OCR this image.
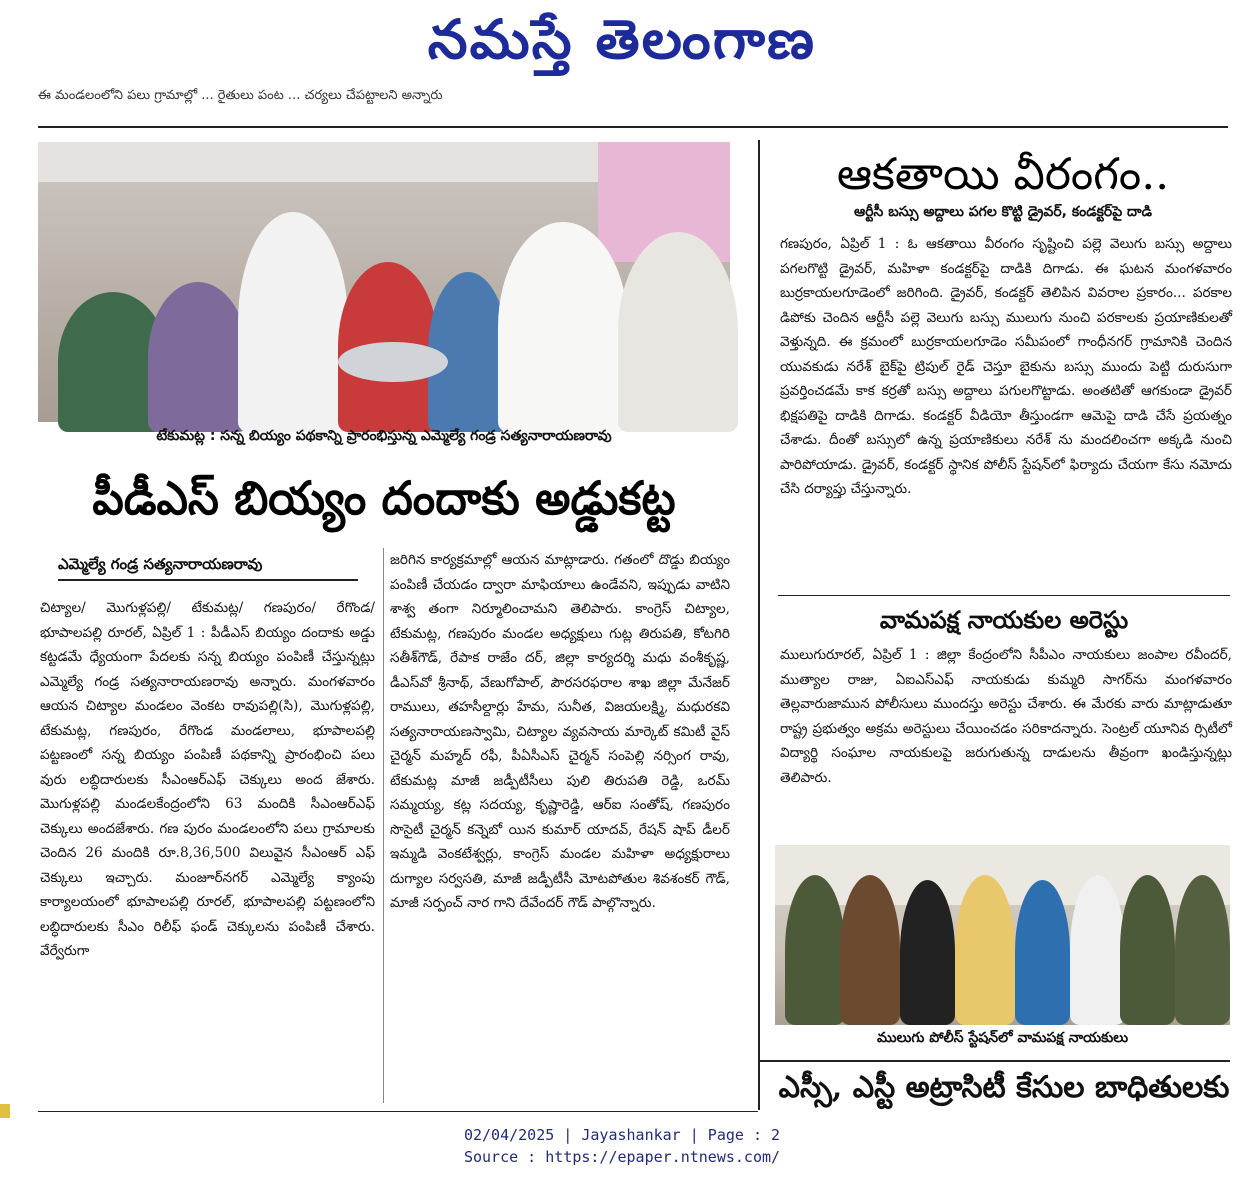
నమస్తే తెలంగాణ
ఈ మండలంలోని పలు గ్రామాల్లో ... రైతులు పంట ... చర్యలు చేపట్టాలని అన్నారు
టేకుమట్ల : సన్న బియ్యం పథకాన్ని ప్రారంభిస్తున్న ఎమ్మెల్యే గండ్ర సత్యనారాయణరావు
పీడీఎస్ బియ్యం దందాకు అడ్డుకట్ట
ఎమ్మెల్యే గండ్ర సత్యనారాయణరావు
చిట్యాల/ మొగుళ్లపల్లి/ టేకుమట్ల/ గణపురం/ రేగొండ/ భూపాలపల్లి రూరల్, ఏప్రిల్ 1 : పీడీఎస్ బియ్యం దందాకు అడ్డు కట్టడమే ధ్యేయంగా పేదలకు సన్న బియ్యం పంపిణీ చేస్తున్నట్లు ఎమ్మెల్యే గండ్ర సత్యనారాయణరావు అన్నారు. మంగళవారం ఆయన చిట్యాల మండలం వెంకట రావుపల్లి(సి), మొగుళ్లపల్లి, టేకుమట్ల, గణపురం, రేగొండ మండలాలు, భూపాలపల్లి పట్టణంలో సన్న బియ్యం పంపిణీ పథకాన్ని ప్రారంభించి పలు వురు లబ్ధిదారులకు సీఎంఆర్ఎఫ్ చెక్కులు అంద జేశారు. మొగుళ్లపల్లి మండలకేంద్రంలోని 63 మందికి సీఎంఆర్ఎఫ్ చెక్కులు అందజేశారు. గణ పురం మండలంలోని పలు గ్రామాలకు చెందిన 26 మందికి రూ.8,36,500 విలువైన సీఎంఆర్ ఎఫ్ చెక్కులు ఇచ్చారు. మంజూర్‌నగర్ ఎమ్మెల్యే క్యాంపు కార్యాలయంలో భూపాలపల్లి రూరల్, భూపాలపల్లి పట్టణంలోని లబ్ధిదారులకు సీఎం రిలీఫ్ ఫండ్ చెక్కులను పంపిణీ చేశారు. వేర్వేరుగా
జరిగిన కార్యక్రమాల్లో ఆయన మాట్లాడారు. గతంలో దొడ్డు బియ్యం పంపిణీ చేయడం ద్వారా మాఫియాలు ఉండేవని, ఇప్పుడు వాటిని శాశ్వ తంగా నిర్మూలించామని తెలిపారు. కాంగ్రెస్ చిట్యాల, టేకుమట్ల, గణపురం మండల అధ్యక్షులు గుట్ల తిరుపతి, కోటగిరి సతీశ్‌గౌడ్, రేపాక రాజేం దర్, జిల్లా కార్యదర్శి మధు వంశీకృష్ణ, డీఎస్‌వో శ్రీనాథ్, వేణుగోపాల్, పౌరసరఫరాల శాఖ జిల్లా మేనేజర్ రాములు, తహసీల్దార్లు హేమ, సునీత, విజయలక్ష్మి, మధురకవి సత్యనారాయణస్వామి, చిట్యాల వ్యవసాయ మార్కెట్ కమిటీ వైస్ చైర్మన్ మహ్మద్ రఫీ, పీఏసీఎస్ చైర్మన్ సంపెల్లి నర్సింగ రావు, టేకుమట్ల మాజీ జడ్పీటీసీలు పులి తిరుపతి రెడ్డి, ఒరమ్ సమ్మయ్య, కట్ల సదయ్య, కృష్ణారెడ్డి, ఆర్‌ఐ సంతోష్, గణపురం సొసైటీ చైర్మన్ కన్నెబో యిన కుమార్ యాదవ్, రేషన్ షాప్ డీలర్ ఇమ్మడి వెంకటేశ్వర్లు, కాంగ్రెస్ మండల మహిళా అధ్యక్షురాలు దుగ్యాల సర్వసతి, మాజీ జడ్పీటీసీ మోటపోతుల శివశంకర్ గౌడ్, మాజీ సర్పంచ్ నార గాని దేవేందర్ గౌడ్ పాల్గొన్నారు.
ఆకతాయి వీరంగం..
ఆర్టీసీ బస్సు అద్దాలు పగల కొట్టి డ్రైవర్, కండక్టర్‌పై దాడి
గణపురం, ఏప్రిల్ 1 : ఓ ఆకతాయి వీరంగం సృష్టించి పల్లె వెలుగు బస్సు అద్దాలు పగలగొట్టి డ్రైవర్, మహిళా కండక్టర్‌పై దాడికి దిగాడు. ఈ ఘటన మంగళవారం బుర్రకాయలగూడెంలో జరిగింది. డ్రైవర్, కండక్టర్ తెలిపిన వివరాల ప్రకారం... పరకాల డిపోకు చెందిన ఆర్టీసీ పల్లె వెలుగు బస్సు ములుగు నుంచి పరకాలకు ప్రయాణికులతో వెళ్తున్నది. ఈ క్రమంలో బుర్రకాయలగూడెం సమీపంలో గాంధీనగర్ గ్రామానికి చెందిన యువకుడు నరేశ్ బైక్‌పై ట్రిపుల్ రైడ్ చెస్తూ బైకును బస్సు ముందు పెట్టి దురుసుగా ప్రవర్తించడమే కాక కర్రతో బస్సు అద్దాలు పగులగొట్టాడు. అంతటితో ఆగకుండా డ్రైవర్ భిక్షపతిపై దాడికి దిగాడు. కండక్టర్ వీడియో తీస్తుండగా ఆమెపై దాడి చేసే ప్రయత్నం చేశాడు. దీంతో బస్సులో ఉన్న ప్రయాణికులు నరేశ్ ను మందలించగా అక్కడి నుంచి పారిపోయాడు. డ్రైవర్, కండక్టర్ స్థానిక పోలీస్ స్టేషన్‌లో ఫిర్యాదు చేయగా కేసు నమోదు చేసి దర్యాప్తు చేస్తున్నారు.
వామపక్ష నాయకుల అరెస్టు
ములుగురూరల్, ఏప్రిల్ 1 : జిల్లా కేంద్రంలోని సీపీఎం నాయకులు జంపాల రవీందర్, ముత్యాల రాజు, ఏఐఎస్ఎఫ్ నాయకుడు కుమ్మరి సాగర్‌ను మంగళవారం తెల్లవారుజామున పోలీసులు ముందస్తు అరెస్టు చేశారు. ఈ మేరకు వారు మాట్లాడుతూ రాష్ట్ర ప్రభుత్వం అక్రమ అరెస్టులు చేయించడం సరికాదన్నారు. సెంట్రల్ యూనివ ర్సిటీలో విద్యార్థి సంఘాల నాయకులపై జరుగుతున్న దాడులను తీవ్రంగా ఖండిస్తున్నట్లు తెలిపారు.
ములుగు పోలీస్ స్టేషన్‌లో వామపక్ష నాయకులు
ఎస్సీ, ఎస్టీ అట్రాసిటీ కేసుల బాధితులకు
02/04/2025 | Jayashankar | Page : 2
Source : https://epaper.ntnews.com/
